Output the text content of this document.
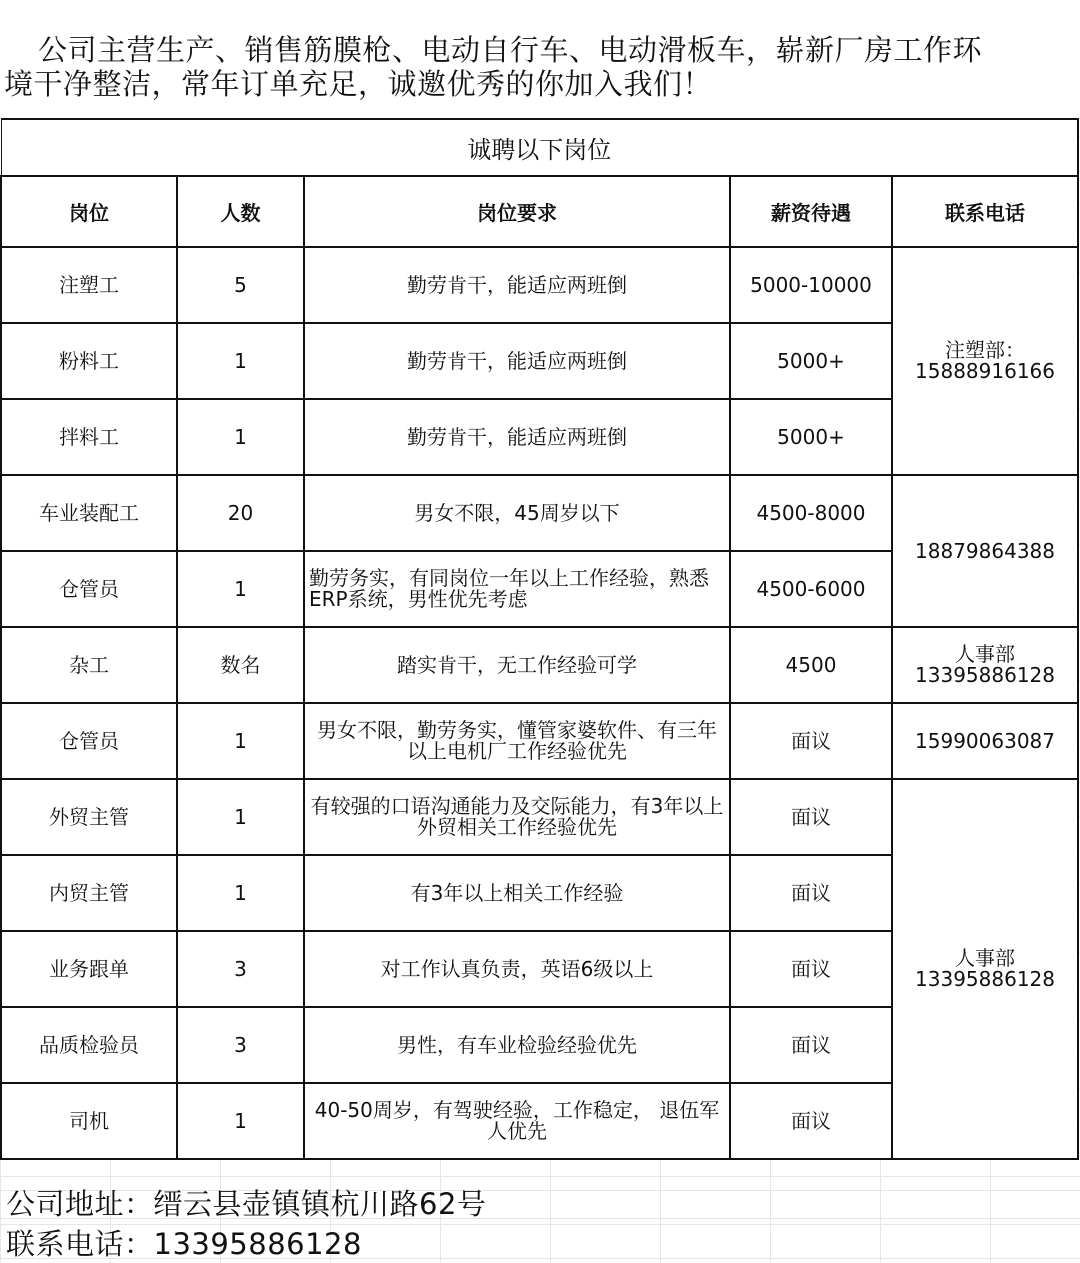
公司主营生产、销售筋膜枪、电动自行车、电动滑板车，崭新厂房工作环
境干净整洁，常年订单充足，诚邀优秀的你加入我们！
诚聘以下岗位				
岗位	人数	岗位要求	薪资待遇	联系电话
注塑工	5	勤劳肯干，能适应两班倒	5000-10000	注塑部：
15888916166
粉料工	1	勤劳肯干，能适应两班倒	5000+	
拌料工	1	勤劳肯干，能适应两班倒	5000+	
车业装配工	20	男女不限，45周岁以下	4500-8000	18879864388
仓管员	1	勤劳务实，有同岗位一年以上工作经验，熟悉ERP系统，男性优先考虑	4500-6000	
杂工	数名	踏实肯干，无工作经验可学	4500	人事部
13395886128
仓管员	1	男女不限，勤劳务实，懂管家婆软件、有三年以上电机厂工作经验优先	面议	15990063087
外贸主管	1	有较强的口语沟通能力及交际能力，有3年以上外贸相关工作经验优先	面议	人事部
13395886128
内贸主管	1	有3年以上相关工作经验	面议	
业务跟单	3	对工作认真负责，英语6级以上	面议	
品质检验员	3	男性，有车业检验经验优先	面议	
司机	1	40-50周岁，有驾驶经验，工作稳定， 退伍军人优先	面议	
公司地址：缙云县壶镇镇杭川路62号
联系电话：13395886128
